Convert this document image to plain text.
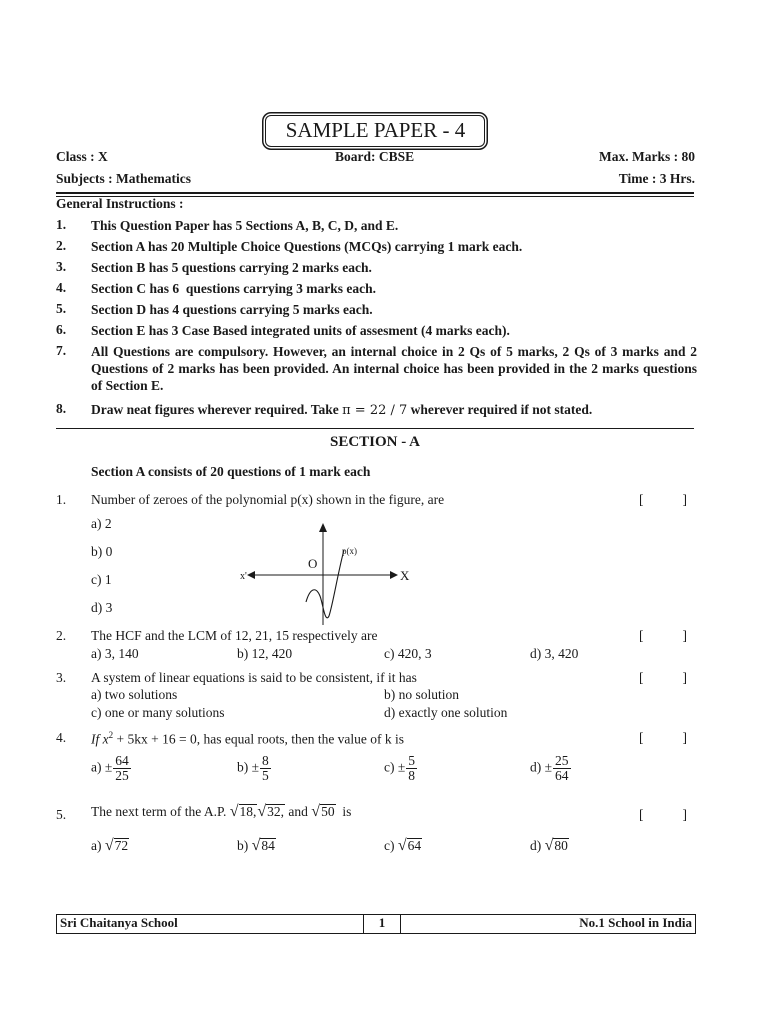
SAMPLE PAPER - 4
Class : X	Board: CBSE	Max. Marks : 80
Subjects : Mathematics	Time : 3 Hrs.
General Instructions :
1. This Question Paper has 5 Sections A, B, C, D, and E.
2. Section A has 20 Multiple Choice Questions (MCQs) carrying 1 mark each.
3. Section B has 5 questions carrying 2 marks each.
4. Section C has 6  questions carrying 3 marks each.
5. Section D has 4 questions carrying 5 marks each.
6. Section E has 3 Case Based integrated units of assesment (4 marks each).
7. All Questions are compulsory. However, an internal choice in 2 Qs of 5 marks, 2 Qs of 3 marks and 2 Questions of 2 marks has been provided. An internal choice has been provided in the 2 marks questions of Section E.
8. Draw neat figures wherever required. Take π = 22 / 7 wherever required if not stated.
SECTION - A
Section A consists of 20 questions of 1 mark each
1. Number of zeroes of the polynomial p(x) shown in the figure, are	[	]
a) 2
b) 0
c) 1
d) 3
O
p(x)
x'	X
2. The HCF and the LCM of 12, 21, 15 respectively are	[	]
a) 3, 140	b) 12, 420	c) 420, 3	d) 3, 420
3. A system of linear equations is said to be consistent, if it has	[	]
a) two solutions	b) no solution
c) one or many solutions	d) exactly one solution
4. If $x^2 + 5kx + 16 = 0$, has equal roots, then the value of k is	[	]
$a) \pm \frac{64}{25}$	$b) \pm \frac{8}{5}$	$c) \pm \frac{5}{8}$	$d) \pm \frac{25}{64}$
5. The next term of the A.P. √ 18, √ 32, and √ 50 is	[	]
a) √ 72	b) √ 84	c) √ 64	d) √ 80
Sri Chaitanya School	1	No.1 School in India
